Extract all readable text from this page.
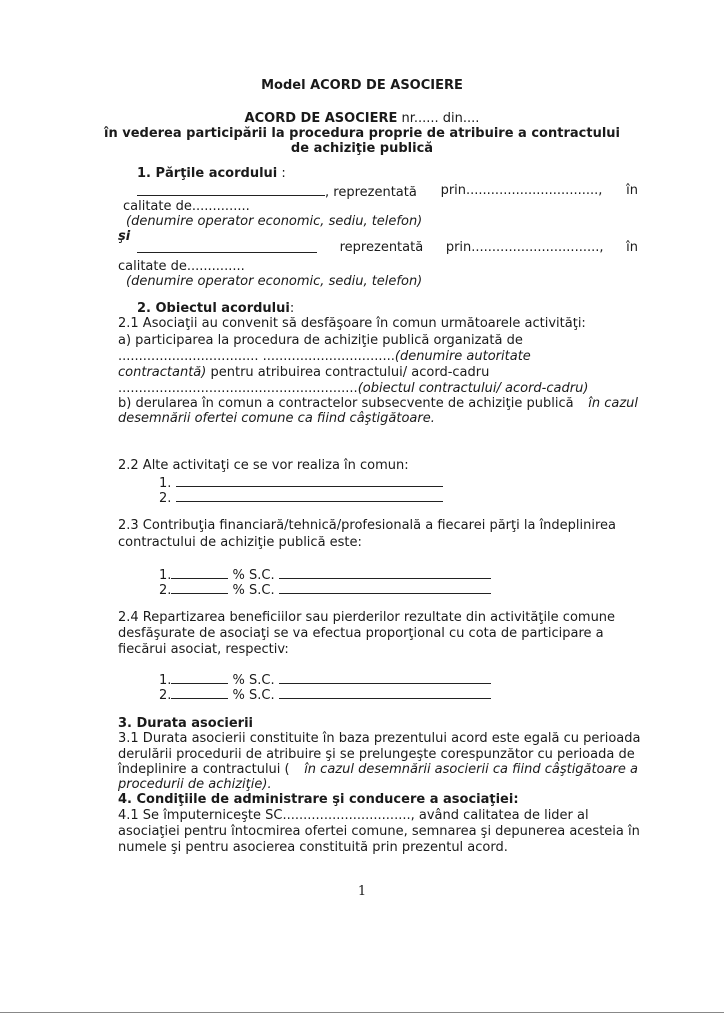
Model ACORD DE ASOCIERE
ACORD DE ASOCIERE nr...... din....
în vederea participării la procedura proprie de atribuire a contractului
de achiziţie publică
1. Părţile acordului :
, reprezentată prin................................, în
calitate de..............
(denumire operator economic, sediu, telefon)
şi
reprezentată prin..............................., în
calitate de..............
(denumire operator economic, sediu, telefon)
2. Obiectul acordului:
2.1 Asociaţii au convenit să desfăşoare în comun următoarele activităţi:
a) participarea la procedura de achiziţie publică organizată de
.................................. ................................(denumire autoritate
contractantă) pentru atribuirea contractului/ acord-cadru
..........................................................(obiectul contractului/ acord-cadru)
b) derularea în comun a contractelor subsecvente de achiziţie publică în cazul
desemnării ofertei comune ca fiind câştigătoare.
2.2 Alte activitaţi ce se vor realiza în comun:
1.
2.
2.3 Contribuţia financiară/tehnică/profesională a fiecarei părţi la îndeplinirea
contractului de achiziţie publică este:
1.	% S.C.
2.	% S.C.
2.4 Repartizarea beneficiilor sau pierderilor rezultate din activităţile comune
desfăşurate de asociaţi se va efectua proporţional cu cota de participare a
fiecărui asociat, respectiv:
1.	% S.C.
2.	% S.C.
3. Durata asocierii
3.1 Durata asocierii constituite în baza prezentului acord este egală cu perioada
derulării procedurii de atribuire şi se prelungeşte corespunzător cu perioada de
îndeplinire a contractului ( în cazul desemnării asocierii ca fiind câştigătoare a
procedurii de achiziţie).
4. Condiţiile de administrare şi conducere a asociaţiei:
4.1 Se împuterniceşte SC..............................., având calitatea de lider al
asociaţiei pentru întocmirea ofertei comune, semnarea şi depunerea acesteia în
numele şi pentru asocierea constituită prin prezentul acord.
1
